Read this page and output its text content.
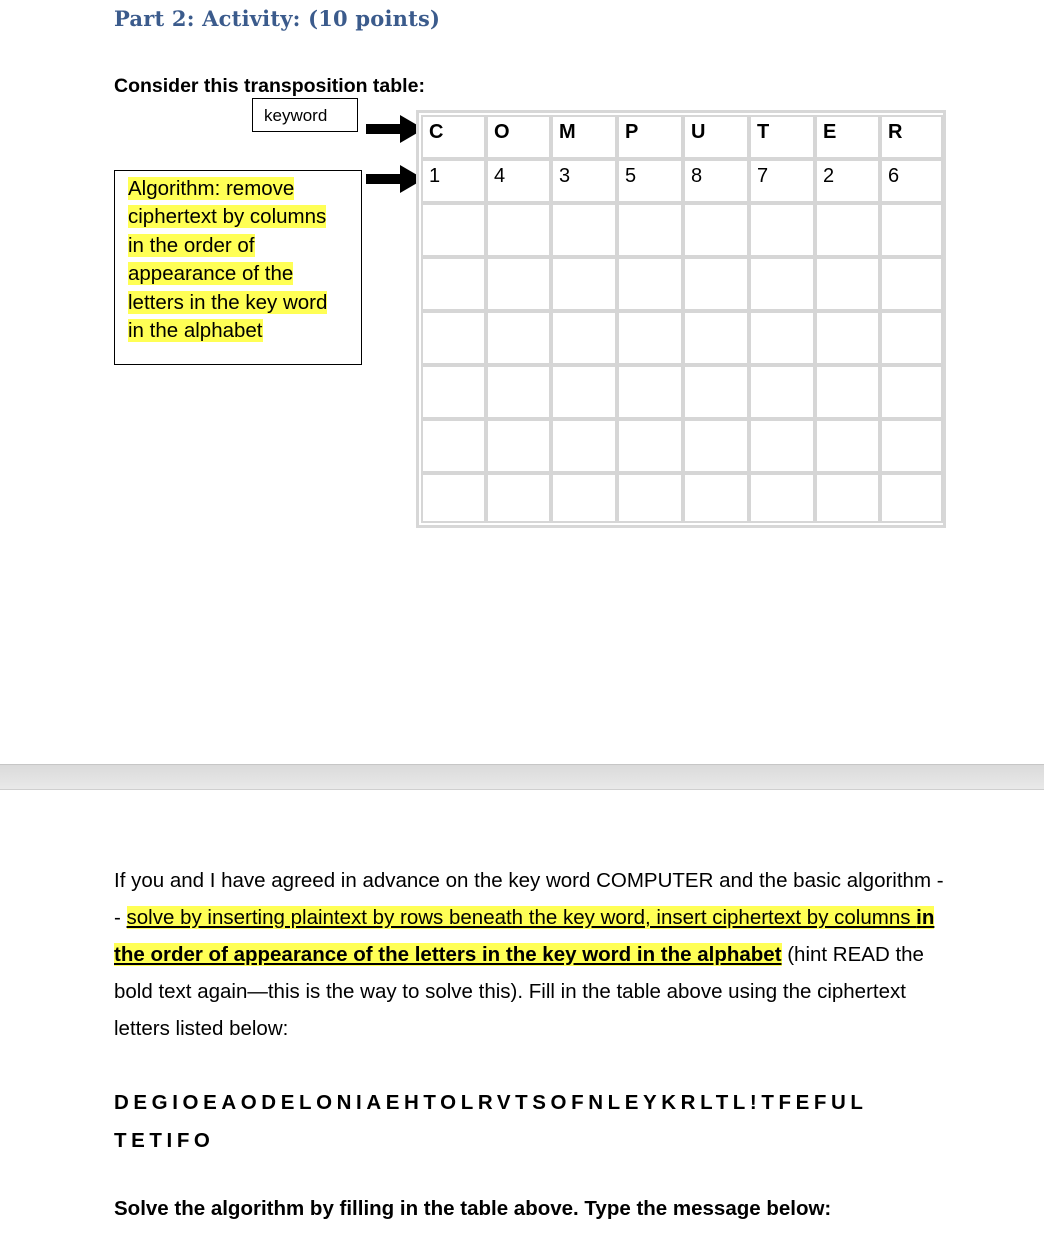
Part 2: Activity: (10 points)
Consider this transposition table:
keyword
Algorithm: remove
ciphertext by columns
in the order of
appearance of the
letters in the key word
in the alphabet
C	O	M	P	U	T	E	R
1	4	3	5	8	7	2	6
If you and I have agreed in advance on the key word COMPUTER and the basic algorithm -- solve by inserting plaintext by rows beneath the key word, insert ciphertext by columns in the order of appearance of the letters in the key word in the alphabet (hint READ the bold text again—this is the way to solve this). Fill in the table above using the ciphertext letters listed below:
DEGIOEAODELONIAEHTOLRVTSOFNLEYKRLTL!TFEFUL TETIFO
Solve the algorithm by filling in the table above. Type the message below:
